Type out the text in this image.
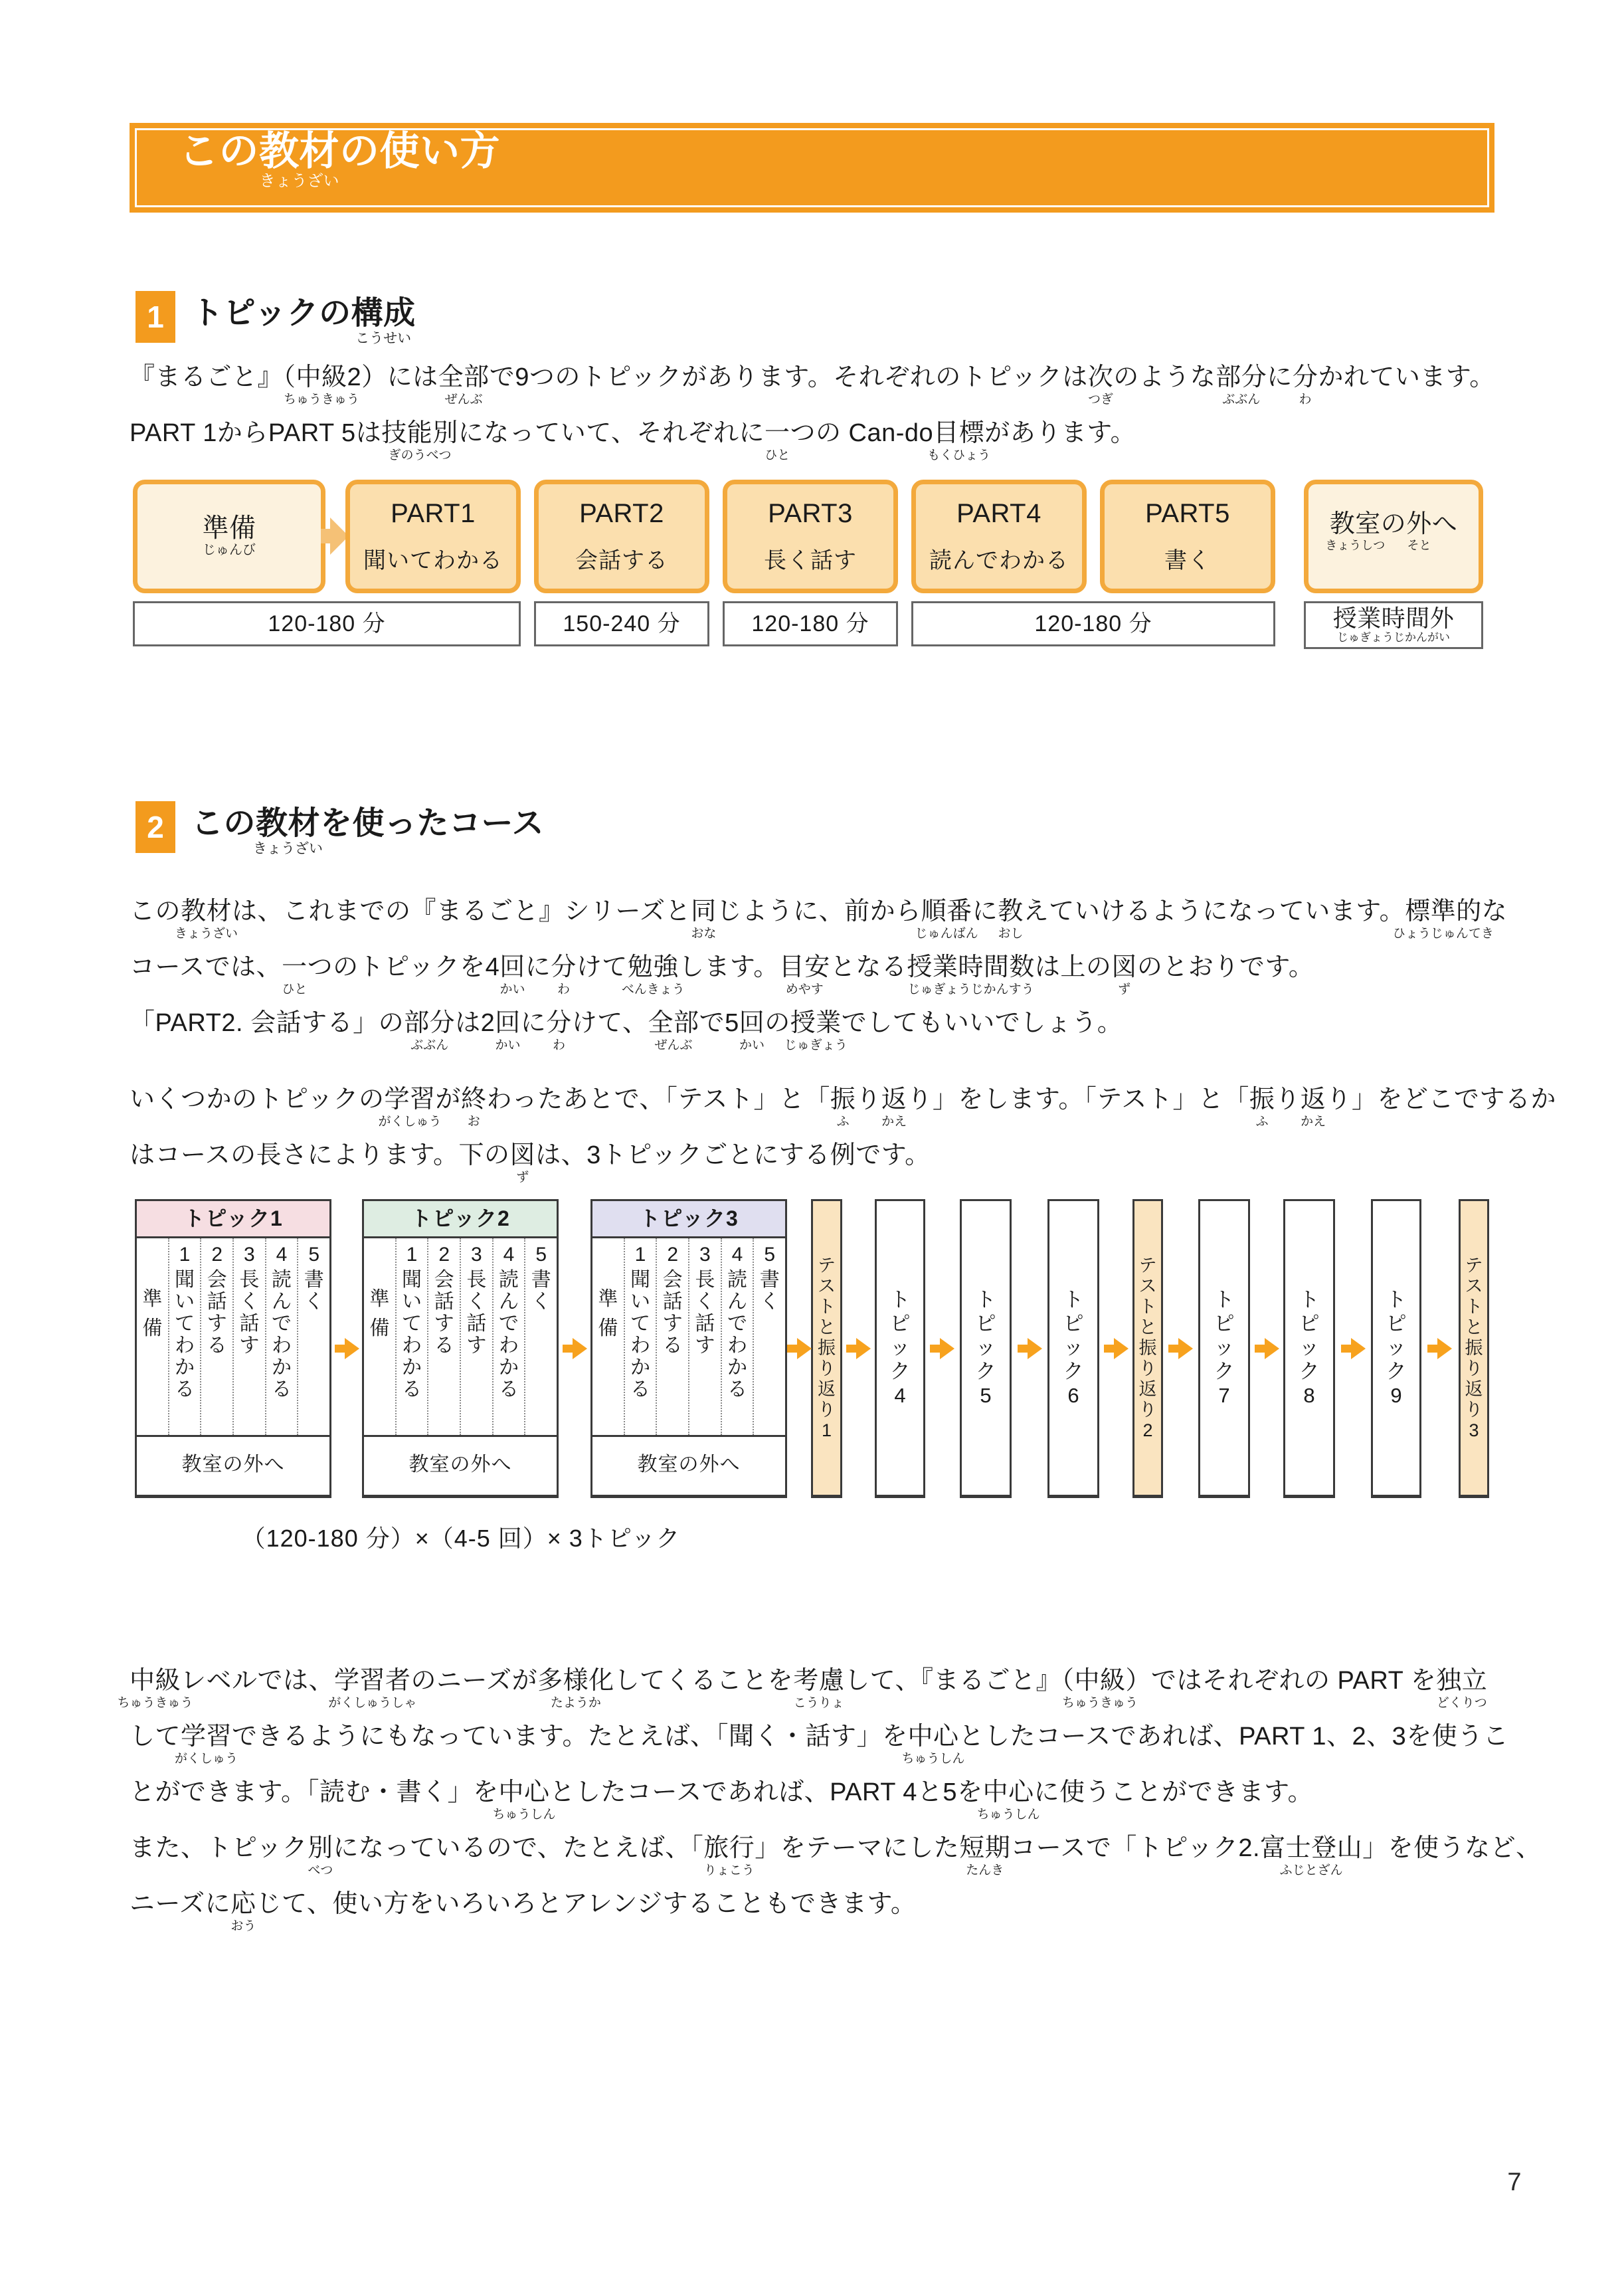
この教材
きょうざい
の使い方
1 トピックの構成
こうせい
『まるごと』（中級
ちゅうきゅう
2）には全部
ぜんぶ
で9つのトピックがあります。それぞれのトピックは次
つぎ
のような部分
ぶぶん
に分
わ
かれています。
PART 1からPART 5は技能別
ぎのうべつ
になっていて、それぞれに一
ひと
つの Can-do目標
もくひょう
があります。
準備
じゅんび
PART1
聞いてわかる
PART2
会話する
PART3
長く話す
PART4
読んでわかる
PART5
書く
教室
きょうしつ
の外
そと
へ
120-180 分	150-240 分	120-180 分	120-180 分	授業時間外
じゅぎょうじかんがい
2 この教材
きょうざい
を使ったコース
この教材
きょうざい
は、これまでの『まるごと』シリーズと同
おな
じように、前から順番
じゅんばん
に教
おし
えていけるようになっています。標準的
ひょうじゅんてき
な
コースでは、一
ひと
つのトピックを4回
かい
に分
わ
けて勉強
べんきょう
します。目安
めやす
となる授業時間数
じゅぎょうじかんすう
は上の図
ず
のとおりです。
「PART2. 会話する」の部分
ぶぶん
は2回
かい
に分
わ
けて、全部
ぜんぶ
で5回
かい
の授業
じゅぎょう
でしてもいいでしょう。
いくつかのトピックの学習
がくしゅう
が終
お
わったあとで、「テスト」と「振
ふ
り返
かえ
り」をします。「テスト」と「振
ふ
り返
かえ
り」をどこでするか
はコースの長さによります。下の図
ず
は、3トピックごとにする例です。
トピック1
準
備
1
聞
い
て
わ
か
る
2
会
話
す
る
3
長
く
話
す
4
読
ん
で
わ
か
る
5
書
く
教室の外へ
トピック2
準
備
1
聞
い
て
わ
か
る
2
会
話
す
る
3
長
く
話
す
4
読
ん
で
わ
か
る
5
書
く
教室の外へ
トピック3
準
備
1
聞
い
て
わ
か
る
2
会
話
す
る
3
長
く
話
す
4
読
ん
で
わ
か
る
5
書
く
教室の外へ
テ
ス
ト
と
振
り
返
り
1
ト
ピ
ッ
ク
4
ト
ピ
ッ
ク
5
ト
ピ
ッ
ク
6
テ
ス
ト
と
振
り
返
り
2
ト
ピ
ッ
ク
7
ト
ピ
ッ
ク
8
ト
ピ
ッ
ク
9
テ
ス
ト
と
振
り
返
り
3
（120-180 分）×（4-5 回）× 3トピック
中級
ちゅうきゅう
レベルでは、学習者
がくしゅうしゃ
のニーズが多様化
たようか
してくることを考慮
こうりょ
して、『まるごと』（中級
ちゅうきゅう
）ではそれぞれの PART を独立
どくりつ
して学習
がくしゅう
できるようにもなっています。たとえば、「聞く・話す」を中心
ちゅうしん
としたコースであれば、PART 1、2、3を使うこ
とができます。「読む・書く」を中心
ちゅうしん
としたコースであれば、PART 4と5を中心
ちゅうしん
に使うことができます。
また、トピック別
べつ
になっているので、たとえば、「旅行
りょこう
」をテーマにした短期
たんき
コースで「トピック2.富士登山
ふじとざん
」を使うなど、
ニーズに応
おう
じて、使い方をいろいろとアレンジすることもできます。
7
